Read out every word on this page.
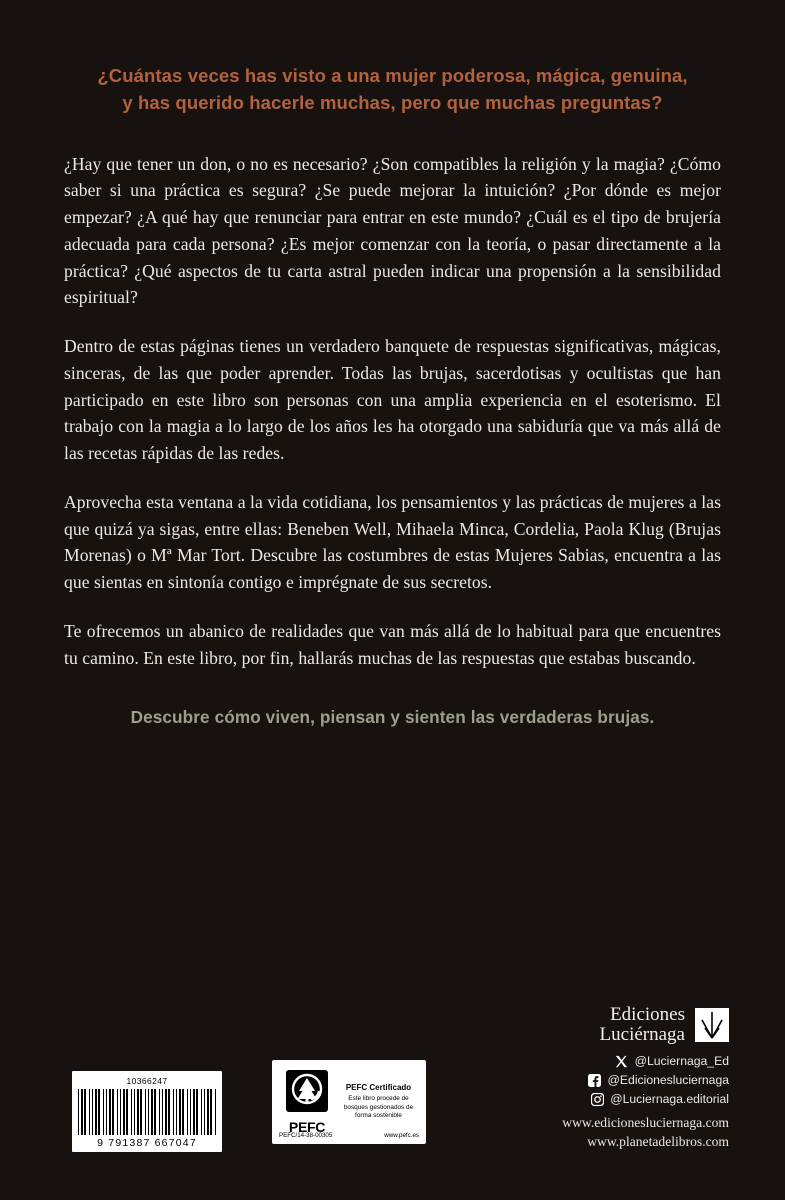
¿Cuántas veces has visto a una mujer poderosa, mágica, genuina, y has querido hacerle muchas, pero que muchas preguntas?

¿Hay que tener un don, o no es necesario? ¿Son compatibles la religión y la magia? ¿Cómo saber si una práctica es segura? ¿Se puede mejorar la intuición? ¿Por dónde es mejor empezar? ¿A qué hay que renunciar para entrar en este mundo? ¿Cuál es el tipo de brujería adecuada para cada persona? ¿Es mejor comenzar con la teoría, o pasar directamente a la práctica? ¿Qué aspectos de tu carta astral pueden indicar una propensión a la sensibilidad espiritual?

Dentro de estas páginas tienes un verdadero banquete de respuestas significativas, mágicas, sinceras, de las que poder aprender. Todas las brujas, sacerdotisas y ocultistas que han participado en este libro son personas con una amplia experiencia en el esoterismo. El trabajo con la magia a lo largo de los años les ha otorgado una sabiduría que va más allá de las recetas rápidas de las redes.

Aprovecha esta ventana a la vida cotidiana, los pensamientos y las prácticas de mujeres a las que quizá ya sigas, entre ellas: Beneben Well, Mihaela Minca, Cordelia, Paola Klug (Brujas Morenas) o Mª Mar Tort. Descubre las costumbres de estas Mujeres Sabias, encuentra a las que sientas en sintonía contigo e imprégnate de sus secretos.

Te ofrecemos un abanico de realidades que van más allá de lo habitual para que encuentres tu camino. En este libro, por fin, hallarás muchas de las respuestas que estabas buscando.

Descubre cómo viven, piensan y sienten las verdaderas brujas.
10366247
9 791387 667047
PEFC
PEFC Certificado
Este libro procede de bosques gestionados de forma sostenible
PEFC/14-38-00305	www.pefc.es
Ediciones
Luciérnaga
@Luciernaga_Ed
@Edicionesluciernaga
@Luciernaga.editorial
www.edicionesluciernaga.com
www.planetadelibros.com
